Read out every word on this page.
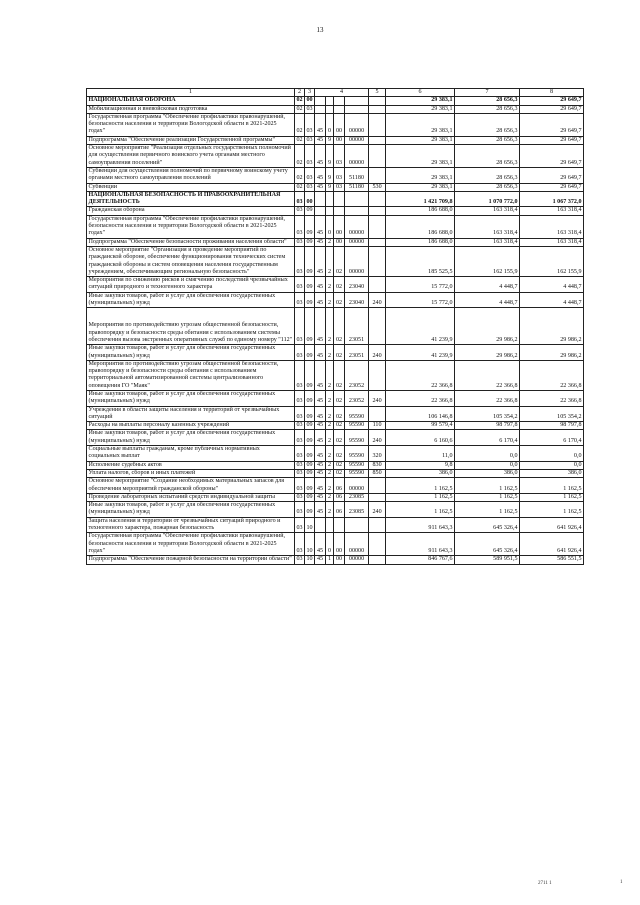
13
1	2	3	4				5	6	7	8
НАЦИОНАЛЬНАЯ ОБОРОНА	02	00						29 383,1	28 656,3	29 649,7
Мобилизационная и вневойсковая подготовка	02	03						29 383,1	28 656,3	29 649,7
Государственная программа "Обеспечение профилактики правонарушений, безопасности населения и территории Вологодской области в 2021-2025 годах"	02	03	45	0	00	00000		29 383,1	28 656,3	29 649,7
Подпрограмма "Обеспечение реализации Государственной программы"	02	03	45	9	00	00000		29 383,1	28 656,3	29 649,7
Основное мероприятие "Реализация отдельных государственных полномочий для осуществления первичного воинского учета органами местного самоуправления поселений"	02	03	45	9	03	00000		29 383,1	28 656,3	29 649,7
Субвенции для осуществления полномочий по первичному воинскому учету органами местного самоуправления поселений	02	03	45	9	03	51180		29 383,1	28 656,3	29 649,7
Субвенции	02	03	45	9	03	51180	530	29 383,1	28 656,3	29 649,7
НАЦИОНАЛЬНАЯ БЕЗОПАСНОСТЬ И ПРАВООХРАНИТЕЛЬНАЯ ДЕЯТЕЛЬНОСТЬ	03	00						1 421 709,8	1 070 772,0	1 067 372,0
Гражданская оборона	03	09						186 688,0	163 318,4	163 318,4
Государственная программа "Обеспечение профилактики правонарушений, безопасности населения и территории Вологодской области в 2021-2025 годах"	03	09	45	0	00	00000		186 688,0	163 318,4	163 318,4
Подпрограмма "Обеспечение безопасности проживания населения области"	03	09	45	2	00	00000		186 688,0	163 318,4	163 318,4
Основное мероприятие "Организация и проведение мероприятий по гражданской обороне, обеспечение функционирования технических систем гражданской обороны и систем оповещения населения государственным учреждением, обеспечивающим региональную безопасность"	03	09	45	2	02	00000		185 525,5	162 155,9	162 155,9
Мероприятия по снижению рисков и смягчению последствий чрезвычайных ситуаций природного и техногенного характера	03	09	45	2	02	23040		15 772,0	4 448,7	4 448,7
Иные закупки товаров, работ и услуг для обеспечения государственных (муниципальных) нужд	03	09	45	2	02	23040	240	15 772,0	4 448,7	4 448,7
Мероприятия по противодействию угрозам общественной безопасности, правопорядку и безопасности среды обитания с использованием системы обеспечения вызова экстренных оперативных служб по единому номеру "112"	03	09	45	2	02	23051		41 239,9	29 986,2	29 986,2
Иные закупки товаров, работ и услуг для обеспечения государственных (муниципальных) нужд	03	09	45	2	02	23051	240	41 239,9	29 986,2	29 986,2
Мероприятия по противодействию угрозам общественной безопасности, правопорядку и безопасности среды обитания с использованием территориальной автоматизированной системы централизованного оповещения ГО "Маяк"	03	09	45	2	02	23052		22 366,8	22 366,8	22 366,8
Иные закупки товаров, работ и услуг для обеспечения государственных (муниципальных) нужд	03	09	45	2	02	23052	240	22 366,8	22 366,8	22 366,8
Учреждения в области защиты населения и территорий от чрезвычайных ситуаций	03	09	45	2	02	95590		106 146,8	105 354,2	105 354,2
Расходы на выплаты персоналу казенных учреждений	03	09	45	2	02	95590	110	99 579,4	98 797,8	98 797,8
Иные закупки товаров, работ и услуг для обеспечения государственных (муниципальных) нужд	03	09	45	2	02	95590	240	6 160,6	6 170,4	6 170,4
Социальные выплаты гражданам, кроме публичных нормативных социальных выплат	03	09	45	2	02	95590	320	11,0	0,0	0,0
Исполнение судебных актов	03	09	45	2	02	95590	830	9,8	0,0	0,0
Уплата налогов, сборов и иных платежей	03	09	45	2	02	95590	850	386,0	386,0	386,0
Основное мероприятие "Создание необходимых материальных запасов для обеспечения мероприятий гражданской обороны"	03	09	45	2	06	00000		1 162,5	1 162,5	1 162,5
Проведение лабораторных испытаний средств индивидуальной защиты	03	09	45	2	06	23085		1 162,5	1 162,5	1 162,5
Иные закупки товаров, работ и услуг для обеспечения государственных (муниципальных) нужд	03	09	45	2	06	23085	240	1 162,5	1 162,5	1 162,5
Защита населения и территории от чрезвычайных ситуаций природного и техногенного характера, пожарная безопасность	03	10						911 643,3	645 326,4	641 926,4
Государственная программа "Обеспечение профилактики правонарушений, безопасности населения и территории Вологодской области в 2021-2025 годах"	03	10	45	0	00	00000		911 643,3	645 326,4	641 926,4
Подпрограмма "Обеспечение пожарной безопасности на территории области"	03	10	45	1	00	00000		846 767,6	589 951,5	586 551,5
2711 1	1
